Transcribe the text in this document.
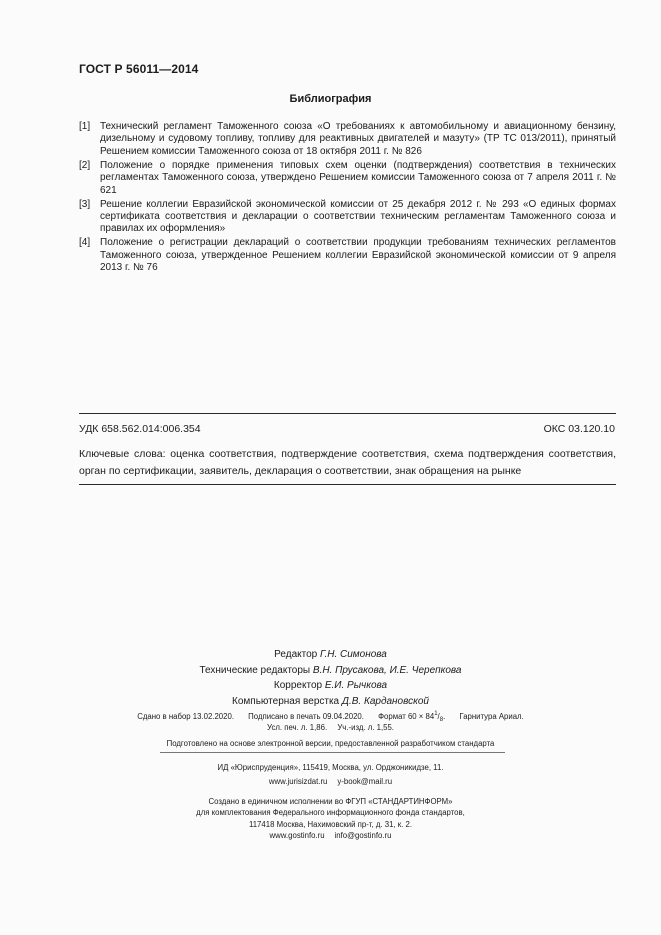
ГОСТ Р 56011—2014
Библиография
[1] Технический регламент Таможенного союза «О требованиях к автомобильному и авиационному бензину, дизельному и судовому топливу, топливу для реактивных двигателей и мазуту» (ТР ТС 013/2011), принятый Решением комиссии Таможенного союза от 18 октября 2011 г. № 826
[2] Положение о порядке применения типовых схем оценки (подтверждения) соответствия в технических регламентах Таможенного союза, утверждено Решением комиссии Таможенного союза от 7 апреля 2011 г. № 621
[3] Решение коллегии Евразийской экономической комиссии от 25 декабря 2012 г. № 293 «О единых формах сертификата соответствия и декларации о соответствии техническим регламентам Таможенного союза и правилах их оформления»
[4] Положение о регистрации деклараций о соответствии продукции требованиям технических регламентов Таможенного союза, утвержденное Решением коллегии Евразийской экономической комиссии от 9 апреля 2013 г. № 76
УДК 658.562.014:006.354	ОКС 03.120.10
Ключевые слова: оценка соответствия, подтверждение соответствия, схема подтверждения соответствия, орган по сертификации, заявитель, декларация о соответствии, знак обращения на рынке
Редактор Г.Н. Симонова
Технические редакторы В.Н. Прусакова, И.Е. Черепкова
Корректор Е.И. Рычкова
Компьютерная верстка Д.В. Кардановской
Сдано в набор 13.02.2020. Подписано в печать 09.04.2020. Формат $60 \times 84^1/_8$. Гарнитура Ариал.
Усл. печ. л. 1,86. Уч.-изд. л. 1,55.
Подготовлено на основе электронной версии, предоставленной разработчиком стандарта
ИД «Юриспруденция», 115419, Москва, ул. Орджоникидзе, 11.
www.jurisizdat.ru y-book@mail.ru
Создано в единичном исполнении во ФГУП «СТАНДАРТИНФОРМ»
для комплектования Федерального информационного фонда стандартов,
117418 Москва, Нахимовский пр-т, д. 31, к. 2.
www.gostinfo.ru info@gostinfo.ru
